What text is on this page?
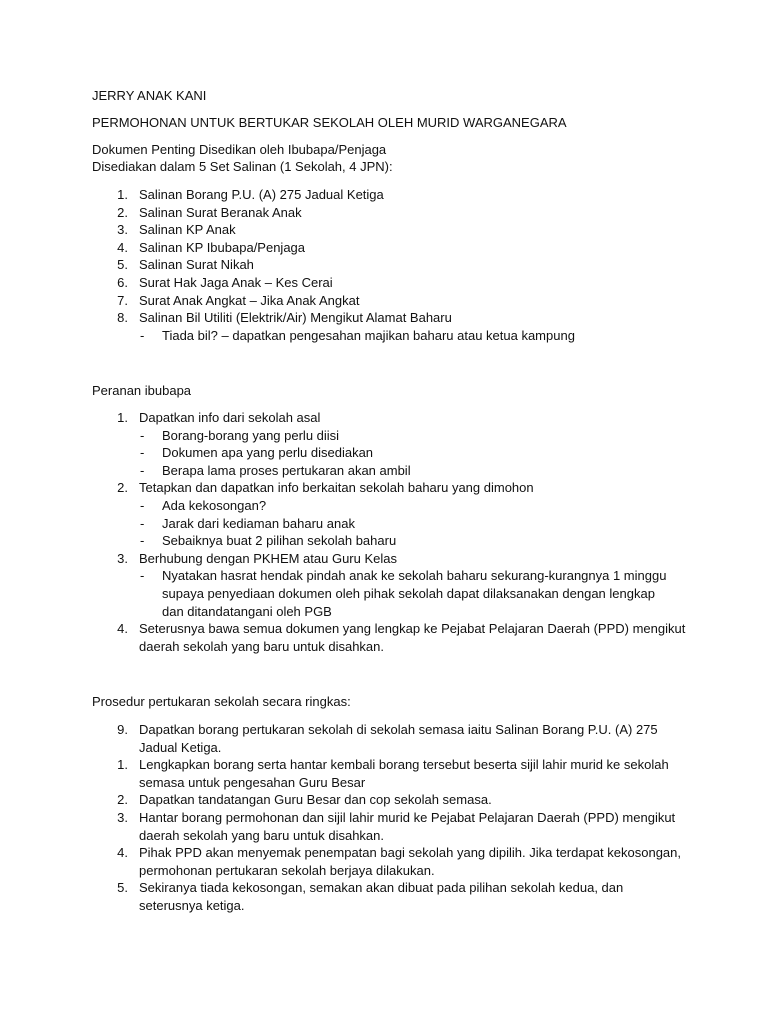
JERRY ANAK KANI
PERMOHONAN UNTUK BERTUKAR SEKOLAH OLEH MURID WARGANEGARA
Dokumen Penting Disedikan oleh Ibubapa/Penjaga
Disediakan dalam 5 Set Salinan (1 Sekolah, 4 JPN):
1. Salinan Borang P.U. (A) 275 Jadual Ketiga
2. Salinan Surat Beranak Anak
3. Salinan KP Anak
4. Salinan KP Ibubapa/Penjaga
5. Salinan Surat Nikah
6. Surat Hak Jaga Anak – Kes Cerai
7. Surat Anak Angkat – Jika Anak Angkat
8. Salinan Bil Utiliti (Elektrik/Air) Mengikut Alamat Baharu
- Tiada bil? – dapatkan pengesahan majikan baharu atau ketua kampung
Peranan ibubapa
1. Dapatkan info dari sekolah asal
- Borang-borang yang perlu diisi
- Dokumen apa yang perlu disediakan
- Berapa lama proses pertukaran akan ambil
2. Tetapkan dan dapatkan info berkaitan sekolah baharu yang dimohon
- Ada kekosongan?
- Jarak dari kediaman baharu anak
- Sebaiknya buat 2 pilihan sekolah baharu
3. Berhubung dengan PKHEM atau Guru Kelas
- Nyatakan hasrat hendak pindah anak ke sekolah baharu sekurang-kurangnya 1 minggu
supaya penyediaan dokumen oleh pihak sekolah dapat dilaksanakan dengan lengkap
dan ditandatangani oleh PGB
4. Seterusnya bawa semua dokumen yang lengkap ke Pejabat Pelajaran Daerah (PPD) mengikut
daerah sekolah yang baru untuk disahkan.
Prosedur pertukaran sekolah secara ringkas:
9. Dapatkan borang pertukaran sekolah di sekolah semasa iaitu Salinan Borang P.U. (A) 275
Jadual Ketiga.
1. Lengkapkan borang serta hantar kembali borang tersebut beserta sijil lahir murid ke sekolah
semasa untuk pengesahan Guru Besar
2. Dapatkan tandatangan Guru Besar dan cop sekolah semasa.
3. Hantar borang permohonan dan sijil lahir murid ke Pejabat Pelajaran Daerah (PPD) mengikut
daerah sekolah yang baru untuk disahkan.
4. Pihak PPD akan menyemak penempatan bagi sekolah yang dipilih. Jika terdapat kekosongan,
permohonan pertukaran sekolah berjaya dilakukan.
5. Sekiranya tiada kekosongan, semakan akan dibuat pada pilihan sekolah kedua, dan
seterusnya ketiga.
